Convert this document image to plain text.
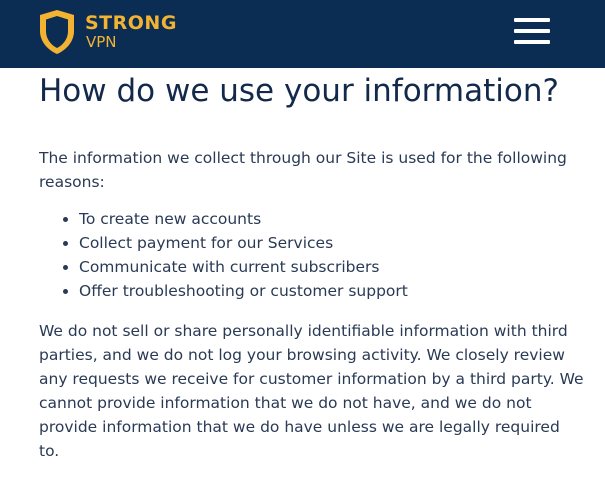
STRONG
VPN
How do we use your information?

The information we collect through our Site is used for the following reasons:

• To create new accounts
• Collect payment for our Services
• Communicate with current subscribers
• Offer troubleshooting or customer support

We do not sell or share personally identifiable information with third parties, and we do not log your browsing activity. We closely review any requests we receive for customer information by a third party. We cannot provide information that we do not have, and we do not provide information that we do have unless we are legally required to.
